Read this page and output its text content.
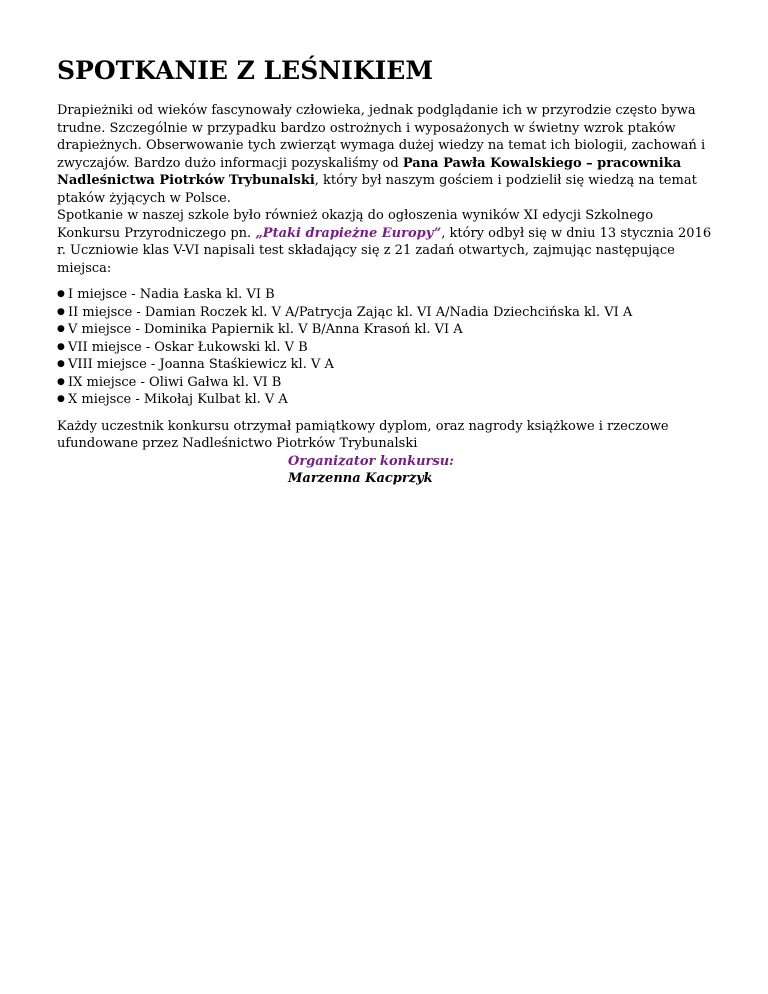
SPOTKANIE Z LEŚNIKIEM

Drapieżniki od wieków fascynowały człowieka, jednak podglądanie ich w przyrodzie często bywa trudne. Szczególnie w przypadku bardzo ostrożnych i wyposażonych w świetny wzrok ptaków drapieżnych. Obserwowanie tych zwierząt wymaga dużej wiedzy na temat ich biologii, zachowań i zwyczajów. Bardzo dużo informacji pozyskaliśmy od Pana Pawła Kowalskiego – pracownika Nadleśnictwa Piotrków Trybunalski, który był naszym gościem i podzielił się wiedzą na temat ptaków żyjących w Polsce.

Spotkanie w naszej szkole było również okazją do ogłoszenia wyników XI edycji Szkolnego Konkursu Przyrodniczego pn. „Ptaki drapieżne Europy”, który odbył się w dniu 13 stycznia 2016 r. Uczniowie klas V-VI napisali test składający się z 21 zadań otwartych, zajmując następujące miejsca:

● I miejsce - Nadia Łaska kl. VI B
● II miejsce - Damian Roczek kl. V A/Patrycja Zając kl. VI A/Nadia Dziechcińska kl. VI A
● V miejsce - Dominika Papiernik kl. V B/Anna Krasoń kl. VI A
● VII miejsce - Oskar Łukowski kl. V B
● VIII miejsce - Joanna Staśkiewicz kl. V A
● IX miejsce - Oliwi Gałwa kl. VI B
● X miejsce - Mikołaj Kulbat kl. V A

Każdy uczestnik konkursu otrzymał pamiątkowy dyplom, oraz nagrody książkowe i rzeczowe ufundowane przez Nadleśnictwo Piotrków Trybunalski

Organizator konkursu:
Marzenna Kacprzyk
